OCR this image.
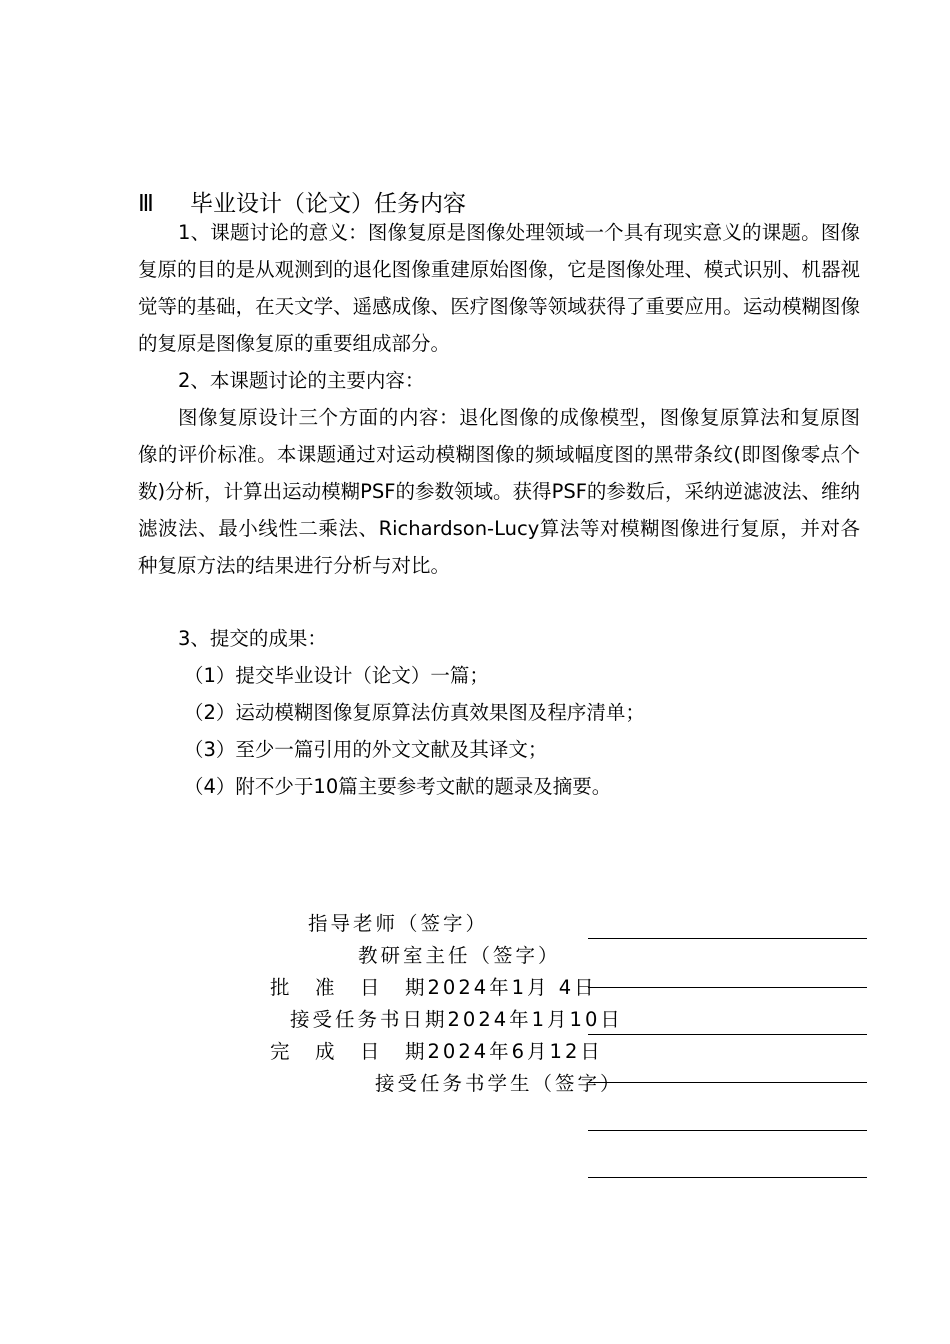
Ⅲ 毕业设计（论文）任务内容

1、课题讨论的意义：图像复原是图像处理领域一个具有现实意义的课题。图像复原的目的是从观测到的退化图像重建原始图像，它是图像处理、模式识别、机器视觉等的基础，在天文学、遥感成像、医疗图像等领域获得了重要应用。运动模糊图像的复原是图像复原的重要组成部分。

2、本课题讨论的主要内容：

图像复原设计三个方面的内容：退化图像的成像模型，图像复原算法和复原图像的评价标准。本课题通过对运动模糊图像的频域幅度图的黑带条纹(即图像零点个数)分析，计算出运动模糊PSF的参数领域。获得PSF的参数后，采纳逆滤波法、维纳滤波法、最小线性二乘法、Richardson-Lucy算法等对模糊图像进行复原，并对各种复原方法的结果进行分析与对比。

3、提交的成果：
（1）提交毕业设计（论文）一篇；
（2）运动模糊图像复原算法仿真效果图及程序清单；
（3）至少一篇引用的外文文献及其译文；
（4）附不少于10篇主要参考文献的题录及摘要。
指导老师（签字）
教研室主任（签字）
批　准　日　期2024年1月 4日
接受任务书日期2024年1月10日
完　成　日　期2024年6月12日
接受任务书学生（签字）
